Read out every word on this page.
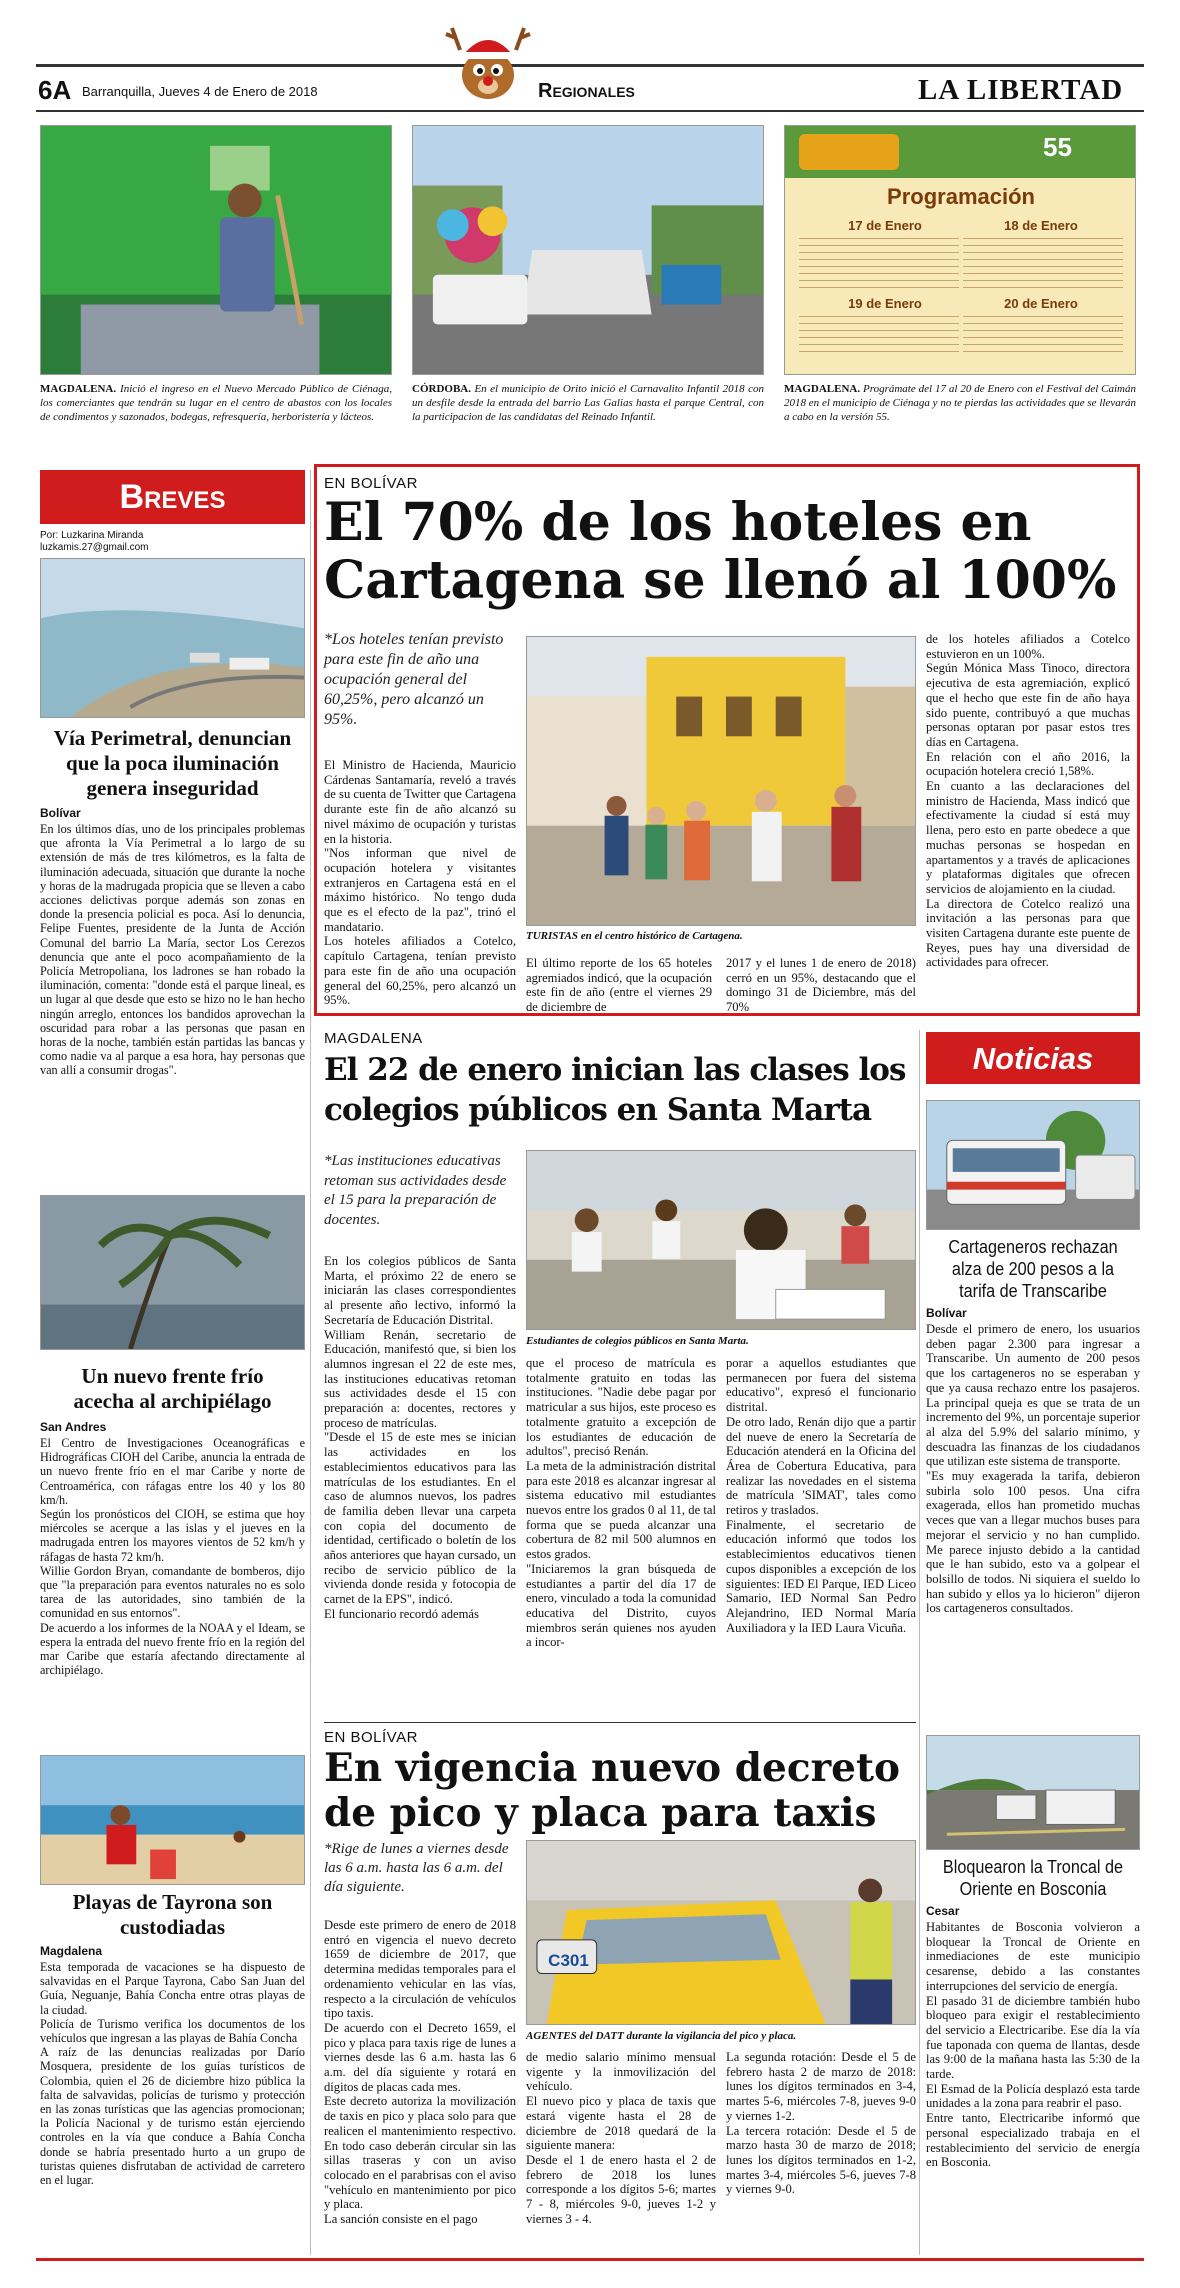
6A Barranquilla, Jueves 4 de Enero de 2018	Regionales	LA LIBERTAD
55
Programación
17 de Enero	18 de Enero
19 de Enero	20 de Enero
MAGDALENA. Inició el ingreso en el Nuevo Mercado Público de Ciénaga, los comerciantes que tendrán su lugar en el centro de abastos con los locales de condimentos y sazonados, bodegas, refresquería, herboristería y lácteos.
CÓRDOBA. En el municipio de Orito inició el Carnavalito Infantil 2018 con un desfile desde la entrada del barrio Las Galias hasta el parque Central, con la participacion de las candidatas del Reinado Infantil.
MAGDALENA. Prográmate del 17 al 20 de Enero con el Festival del Caimán 2018 en el municipio de Ciénaga y no te pierdas las actividades que se llevarán a cabo en la versión 55.
Breves
Por: Luzkarina Miranda
luzkamis.27@gmail.com
Vía Perimetral, denuncian que la poca iluminación genera inseguridad
Bolívar
En los últimos días, uno de los principales problemas que afronta la Vía Perimetral a lo largo de su extensión de más de tres kilómetros, es la falta de iluminación adecuada, situación que durante la noche y horas de la madrugada propicia que se lleven a cabo acciones delictivas porque además son zonas en donde la presencia policial es poca. Así lo denuncia, Felipe Fuentes, presidente de la Junta de Acción Comunal del barrio La María, sector Los Cerezos denuncia que ante el poco acompañamiento de la Policía Metropoliana, los ladrones se han robado la iluminación, comenta: "donde está el parque lineal, es un lugar al que desde que esto se hizo no le han hecho ningún arreglo, entonces los bandidos aprovechan la oscuridad para robar a las personas que pasan en horas de la noche, también están partidas las bancas y como nadie va al parque a esa hora, hay personas que van allí a consumir drogas".
Un nuevo frente frío acecha al archipiélago
San Andres
El Centro de Investigaciones Oceanográficas e Hidrográficas CIOH del Caribe, anuncia la entrada de un nuevo frente frío en el mar Caribe y norte de Centroamérica, con ráfagas entre los 40 y los 80 km/h.
Según los pronósticos del CIOH, se estima que hoy miércoles se acerque a las islas y el jueves en la madrugada entren los mayores vientos de 52 km/h y ráfagas de hasta 72 km/h.
Willie Gordon Bryan, comandante de bomberos, dijo que "la preparación para eventos naturales no es solo tarea de las autoridades, sino también de la comunidad en sus entornos".
De acuerdo a los informes de la NOAA y el Ideam, se espera la entrada del nuevo frente frío en la región del mar Caribe que estaría afectando directamente al archipiélago.
Playas de Tayrona son custodiadas
Magdalena
Esta temporada de vacaciones se ha dispuesto de salvavidas en el Parque Tayrona, Cabo San Juan del Guía, Neguanje, Bahía Concha entre otras playas de la ciudad.
Policía de Turismo verifica los documentos de los vehículos que ingresan a las playas de Bahía Concha
A raíz de las denuncias realizadas por Darío Mosquera, presidente de los guías turísticos de Colombia, quien el 26 de diciembre hizo pública la falta de salvavidas, policías de turismo y protección en las zonas turísticas que las agencias promocionan; la Policía Nacional y de turismo están ejerciendo controles en la vía que conduce a Bahía Concha donde se habría presentado hurto a un grupo de turistas quienes disfrutaban de actividad de carretero en el lugar.
EN BOLÍVAR
El 70% de los hoteles en Cartagena se llenó al 100%
*Los hoteles tenían previsto para este fin de año una ocupación general del 60,25%, pero alcanzó un 95%.
El Ministro de Hacienda, Mauricio Cárdenas Santamaría, reveló a través de su cuenta de Twitter que Cartagena durante este fin de año alcanzó su nivel máximo de ocupación y turistas en la historia.
"Nos informan que nivel de ocupación hotelera y visitantes extranjeros en Cartagena está en el máximo histórico.  No tengo duda que es el efecto de la paz", trinó el mandatario.
Los hoteles afiliados a Cotelco, capítulo Cartagena, tenían previsto para este fin de año una ocupación general del 60,25%, pero alcanzó un 95%.
TURISTAS en el centro histórico de Cartagena.
El último reporte de los 65 hoteles agremiados indicó, que la ocupación este fin de año (entre el viernes 29 de diciembre de
2017 y el lunes 1 de enero de 2018) cerró en un 95%, destacando que el domingo 31 de Diciembre, más del 70%
de los hoteles afiliados a Cotelco estuvieron en un 100%.
Según Mónica Mass Tinoco, directora ejecutiva de esta agremiación, explicó que el hecho que este fin de año haya sido puente, contribuyó a que muchas personas optaran por pasar estos tres días en Cartagena.
En relación con el año 2016, la ocupación hotelera creció 1,58%.
En cuanto a las declaraciones del ministro de Hacienda, Mass indicó que efectivamente la ciudad sí está muy llena, pero esto en parte obedece a que muchas personas se hospedan en apartamentos y a través de aplicaciones y plataformas digitales que ofrecen servicios de alojamiento en la ciudad.
La directora de Cotelco realizó una invitación a las personas para que visiten Cartagena durante este puente de Reyes, pues hay una diversidad de actividades para ofrecer.
MAGDALENA
El 22 de enero inician las clases los colegios públicos en Santa Marta
*Las instituciones educativas retoman sus actividades desde el 15 para la preparación de docentes.
En los colegios públicos de Santa Marta, el próximo 22 de enero se iniciarán las clases correspondientes al presente año lectivo, informó la Secretaría de Educación Distrital.
William Renán, secretario de Educación, manifestó que, si bien los alumnos ingresan el 22 de este mes, las instituciones educativas retoman sus actividades desde el 15 con preparación a: docentes, rectores y proceso de matrículas.
"Desde el 15 de este mes se inician las actividades en los establecimientos educativos para las matrículas de los estudiantes. En el caso de alumnos nuevos, los padres de familia deben llevar una carpeta con copia del documento de identidad, certificado o boletín de los años anteriores que hayan cursado, un recibo de servicio público de la vivienda donde resida y fotocopia de carnet de la EPS", indicó.
El funcionario recordó además
Estudiantes de colegios públicos en Santa Marta.
que el proceso de matrícula es totalmente gratuito en todas las instituciones. "Nadie debe pagar por matricular a sus hijos, este proceso es totalmente gratuito a excepción de los estudiantes de educación de adultos", precisó Renán.
La meta de la administración distrital para este 2018 es alcanzar ingresar al sistema educativo mil estudiantes nuevos entre los grados 0 al 11, de tal forma que se pueda alcanzar una cobertura de 82 mil 500 alumnos en estos grados.
"Iniciaremos la gran búsqueda de estudiantes a partir del día 17 de enero, vinculado a toda la comunidad educativa del Distrito, cuyos miembros serán quienes nos ayuden a incor-
porar a aquellos estudiantes que permanecen por fuera del sistema educativo", expresó el funcionario distrital.
De otro lado, Renán dijo que a partir del nueve de enero la Secretaría de Educación atenderá en la Oficina del Área de Cobertura Educativa, para realizar las novedades en el sistema de matrícula 'SIMAT', tales como retiros y traslados.
Finalmente, el secretario de educación informó que todos los establecimientos educativos tienen cupos disponibles a excepción de los siguientes: IED El Parque, IED Liceo Samario, IED Normal San Pedro Alejandrino, IED Normal María Auxiliadora y la IED Laura Vicuña.
EN BOLÍVAR
En vigencia nuevo decreto de pico y placa para taxis
*Rige de lunes a viernes desde las 6 a.m. hasta las 6 a.m. del día siguiente.
Desde este primero de enero de 2018 entró en vigencia el nuevo decreto 1659 de diciembre de 2017, que determina medidas temporales para el ordenamiento vehicular en las vías, respecto a la circulación de vehículos tipo taxis.
De acuerdo con el Decreto 1659, el pico y placa para taxis rige de lunes a viernes desde las 6 a.m. hasta las 6 a.m. del día siguiente y rotará en dígitos de placas cada mes.
Este decreto autoriza la movilización de taxis en pico y placa solo para que realicen el mantenimiento respectivo. En todo caso deberán circular sin las sillas traseras y con un aviso colocado en el parabrisas con el aviso "vehículo en mantenimiento por pico y placa.
La sanción consiste en el pago
C301
AGENTES del DATT durante la vigilancia del pico y placa.
de medio salario mínimo mensual vigente y la inmovilización del vehículo.
El nuevo pico y placa de taxis que estará vigente hasta el 28 de diciembre de 2018 quedará de la siguiente manera:
Desde el 1 de enero hasta el 2 de febrero de 2018 los lunes corresponde a los dígitos 5-6; martes 7 - 8, miércoles 9-0, jueves 1-2 y viernes 3 - 4.
La segunda rotación: Desde el 5 de febrero hasta 2 de marzo de 2018: lunes los dígitos terminados en 3-4, martes 5-6, miércoles 7-8, jueves 9-0 y viernes 1-2.
La tercera rotación: Desde el 5 de marzo hasta 30 de marzo de 2018; lunes los dígitos terminados en 1-2, martes 3-4, miércoles 5-6, jueves 7-8 y viernes 9-0.
Noticias
Cartageneros rechazan alza de 200 pesos a la tarifa de Transcaribe
Bolívar
Desde el primero de enero, los usuarios deben pagar 2.300 para ingresar a Transcaribe. Un aumento de 200 pesos que los cartageneros no se esperaban y que ya causa rechazo entre los pasajeros. La principal queja es que se trata de un incremento del 9%, un porcentaje superior al alza del 5.9% del salario mínimo, y descuadra las finanzas de los ciudadanos que utilizan este sistema de transporte.
"Es muy exagerada la tarifa, debieron subirla solo 100 pesos. Una cifra exagerada, ellos han prometido muchas veces que van a llegar muchos buses para mejorar el servicio y no han cumplido. Me parece injusto debido a la cantidad que le han subido, esto va a golpear el bolsillo de todos. Ni siquiera el sueldo lo han subido y ellos ya lo hicieron" dijeron los cartageneros consultados.
Bloquearon la Troncal de Oriente en Bosconia
Cesar
Habitantes de Bosconia volvieron a bloquear la Troncal de Oriente en inmediaciones de este municipio cesarense, debido a las constantes interrupciones del servicio de energía.
El pasado 31 de diciembre también hubo bloqueo para exigir el restablecimiento del servicio a Electricaribe. Ese día la vía fue taponada con quema de llantas, desde las 9:00 de la mañana hasta las 5:30 de la tarde.
El Esmad de la Policía desplazó esta tarde unidades a la zona para reabrir el paso.
Entre tanto, Electricaribe informó que personal especializado trabaja en el restablecimiento del servicio de energía en Bosconia.
